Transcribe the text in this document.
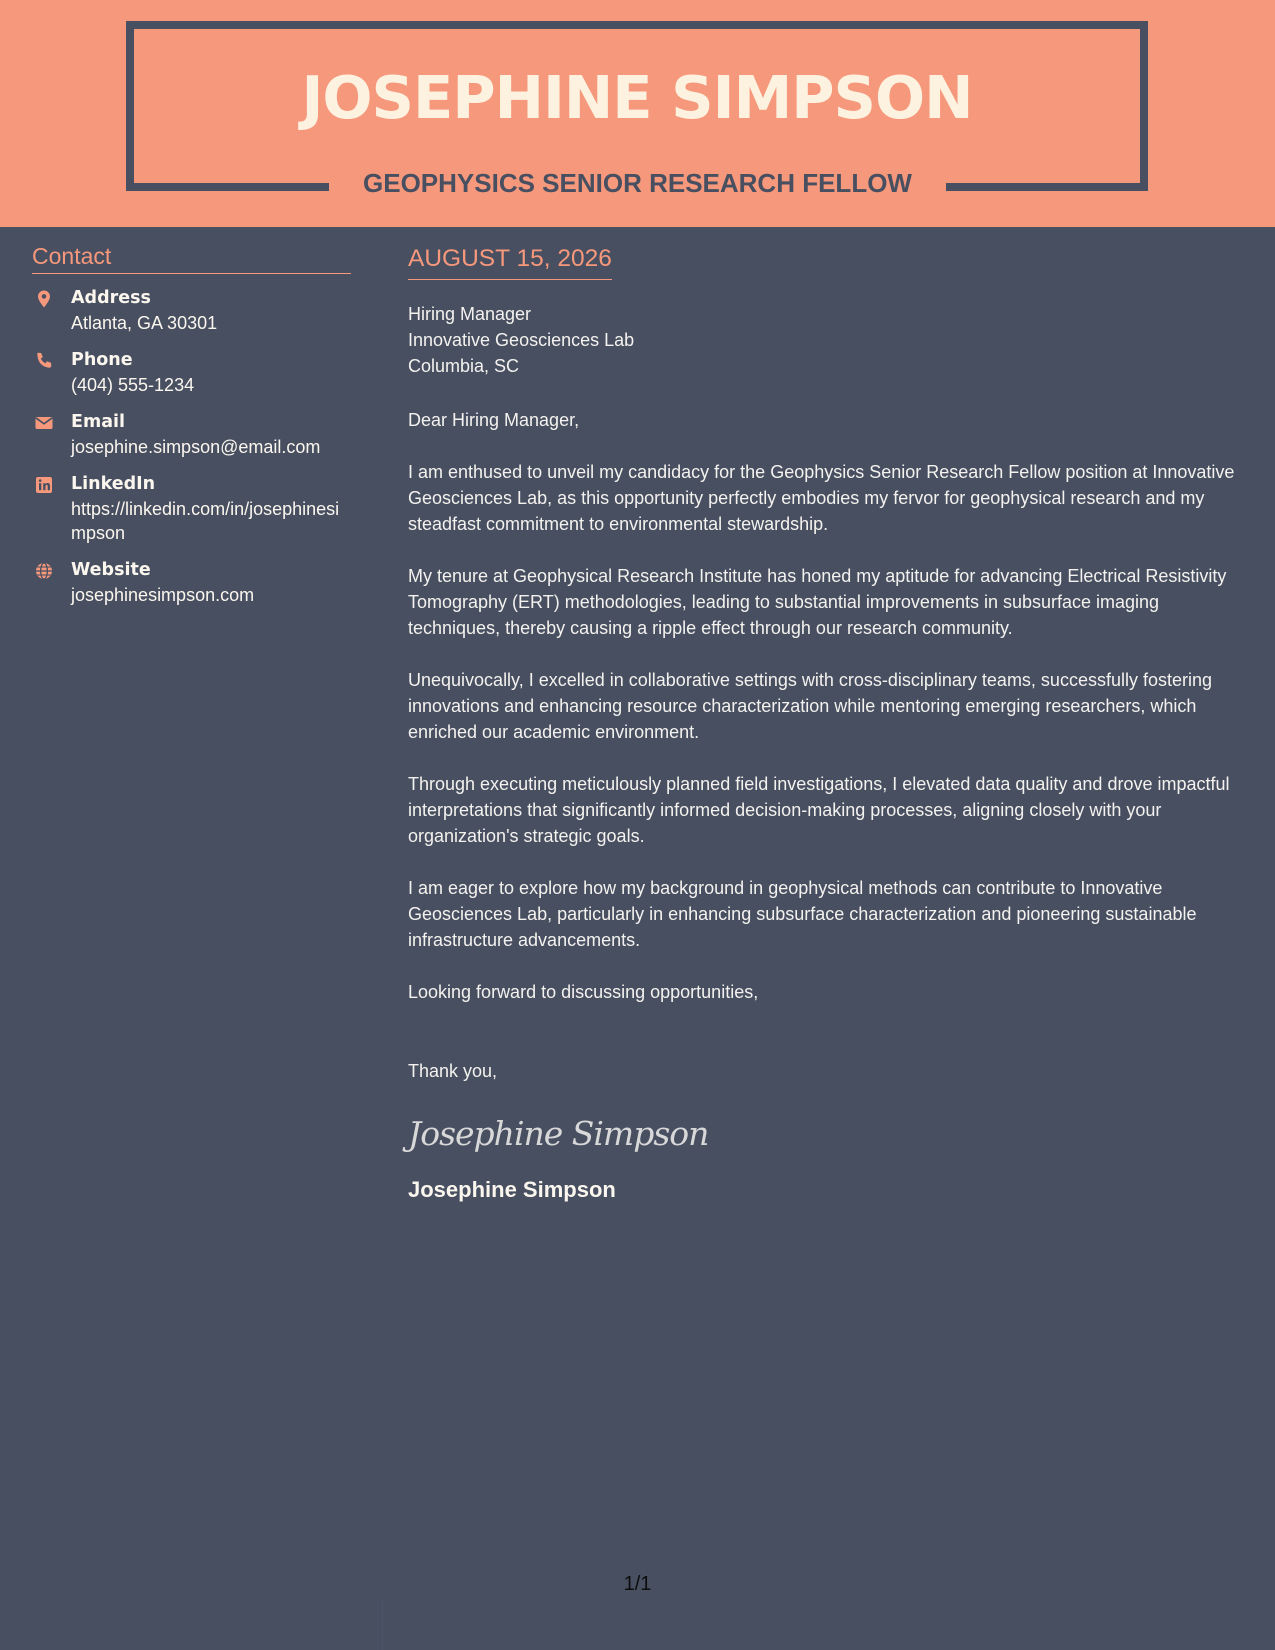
JOSEPHINE SIMPSON
GEOPHYSICS SENIOR RESEARCH FELLOW
Contact
Address
Atlanta, GA 30301
Phone
(404) 555-1234
Email
josephine.simpson@email.com
LinkedIn
https://linkedin.com/in/josephinesimpson
Website
josephinesimpson.com
AUGUST 15, 2026
Hiring Manager
Innovative Geosciences Lab
Columbia, SC

Dear Hiring Manager,

I am enthused to unveil my candidacy for the Geophysics Senior Research Fellow position at Innovative Geosciences Lab, as this opportunity perfectly embodies my fervor for geophysical research and my steadfast commitment to environmental stewardship.

My tenure at Geophysical Research Institute has honed my aptitude for advancing Electrical Resistivity Tomography (ERT) methodologies, leading to substantial improvements in subsurface imaging techniques, thereby causing a ripple effect through our research community.

Unequivocally, I excelled in collaborative settings with cross-disciplinary teams, successfully fostering innovations and enhancing resource characterization while mentoring emerging researchers, which enriched our academic environment.

Through executing meticulously planned field investigations, I elevated data quality and drove impactful interpretations that significantly informed decision-making processes, aligning closely with your organization's strategic goals.

I am eager to explore how my background in geophysical methods can contribute to Innovative Geosciences Lab, particularly in enhancing subsurface characterization and pioneering sustainable infrastructure advancements.

Looking forward to discussing opportunities,

Thank you,

Josephine Simpson
Josephine Simpson
1/1
